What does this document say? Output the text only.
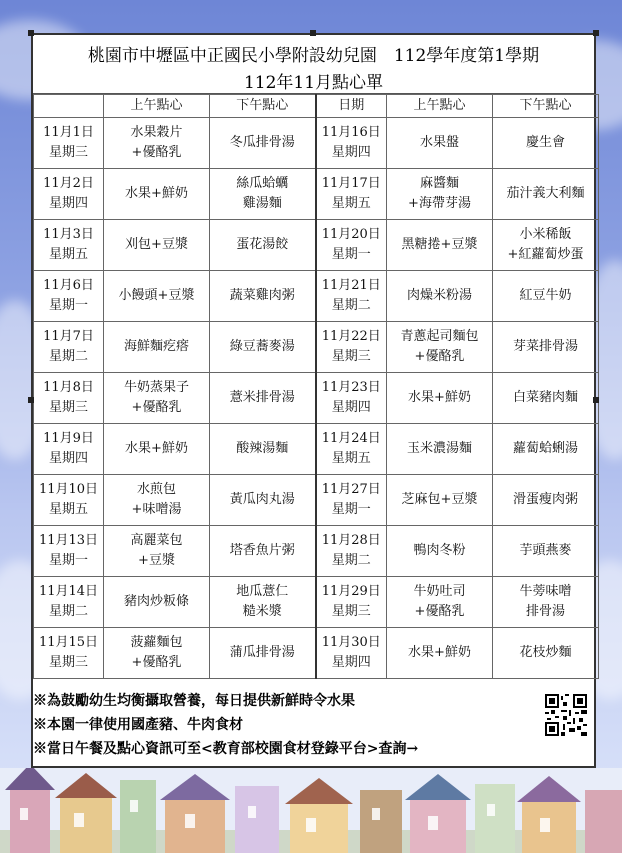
桃園市中壢區中正國民小學附設幼兒園　112學年度第1學期
112年11月點心單
	上午點心	下午點心	日期	上午點心	下午點心

11月1日
星期三	水果穀片
+優酪乳	冬瓜排骨湯	11月16日
星期四	水果盤	慶生會

11月2日
星期四	水果+鮮奶	絲瓜蛤蠣
雞湯麵	11月17日
星期五	麻醬麵
+海帶芽湯	茄汁義大利麵

11月3日
星期五	刈包+豆漿	蛋花湯餃	11月20日
星期一	黑糖捲+豆漿	小米稀飯
+紅蘿蔔炒蛋

11月6日
星期一	小饅頭+豆漿	蔬菜雞肉粥	11月21日
星期二	肉燥米粉湯	紅豆牛奶

11月7日
星期二	海鮮麵疙瘩	綠豆蕎麥湯	11月22日
星期三	青蔥起司麵包
+優酪乳	芽菜排骨湯

11月8日
星期三	牛奶蒸果子
+優酪乳	薏米排骨湯	11月23日
星期四	水果+鮮奶	白菜豬肉麵

11月9日
星期四	水果+鮮奶	酸辣湯麵	11月24日
星期五	玉米濃湯麵	蘿蔔蛤蜊湯

11月10日
星期五	水煎包
+味噌湯	黃瓜肉丸湯	11月27日
星期一	芝麻包+豆漿	滑蛋瘦肉粥

11月13日
星期一	高麗菜包
+豆漿	塔香魚片粥	11月28日
星期二	鴨肉冬粉	芋頭燕麥

11月14日
星期二	豬肉炒粄條	地瓜薏仁
糙米漿	11月29日
星期三	牛奶吐司
+優酪乳	牛蒡味噌
排骨湯

11月15日
星期三	菠蘿麵包
+優酪乳	蒲瓜排骨湯	11月30日
星期四	水果+鮮奶	花枝炒麵
※為鼓勵幼生均衡攝取營養，每日提供新鮮時令水果
※本園一律使用國產豬、牛肉食材
※當日午餐及點心資訊可至<教育部校園食材登錄平台>查詢→
